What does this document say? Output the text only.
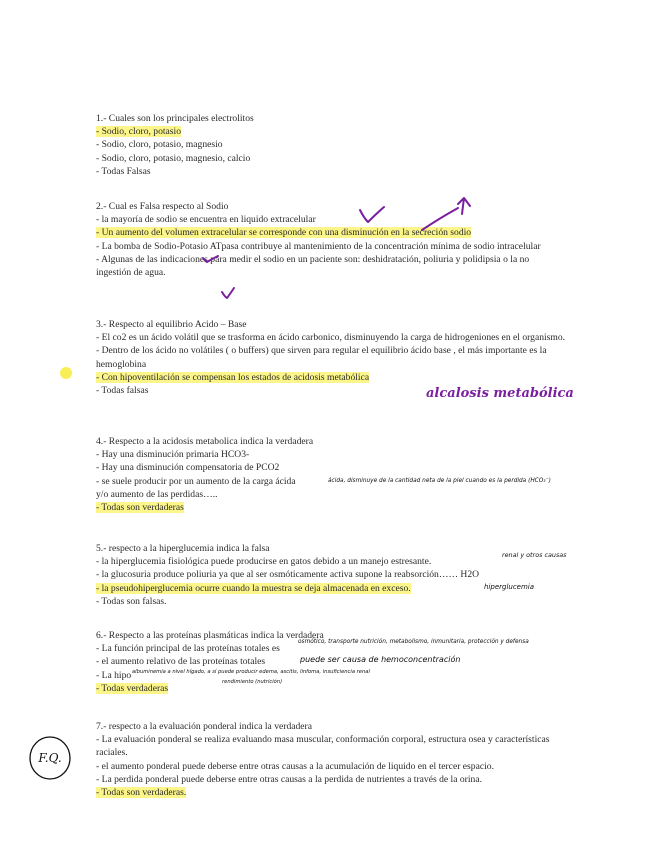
1.- Cuales son los principales electrolitos
- Sodio, cloro, potasio
- Sodio, cloro, potasio, magnesio
- Sodio, cloro, potasio, magnesio, calcio
- Todas Falsas
2.- Cual es Falsa respecto al Sodio
- la mayoría de sodio se encuentra en liquido extracelular
- Un aumento del volumen extracelular se corresponde con una disminución en la secreción sodio
- La bomba de Sodio-Potasio ATpasa contribuye al mantenimiento de la concentración mínima de sodio intracelular
- Algunas de las indicaciones para medir el sodio en un paciente son: deshidratación, poliuria y polidipsia o la no ingestión de agua.
3.- Respecto al equilibrio Acido – Base
- El co2 es un ácido volátil que se trasforma en ácido carbonico, disminuyendo la carga de hidrogeniones en el organismo.
- Dentro de los ácido no volátiles ( o buffers) que sirven para regular el equilibrio ácido base , el más importante es la hemoglobina
- Con hipoventilación se compensan los estados de acidosis metabólica
- Todas falsas	alcalosis metabólica
4.- Respecto a la acidosis metabolica indica la verdadera
- Hay una disminución primaria HCO3-
- Hay una disminución compensatoria de PCO2
- se suele producir por un aumento de la carga ácida
y/o aumento de las perdidas…..
- Todas son verdaderas
ácida, disminuye de la cantidad neta de la piel cuando es la perdida (HCO₃⁻)
5.- respecto a la hiperglucemia indica la falsa
- la hiperglucemia fisiológica puede producirse en gatos debido a un manejo estresante.
- la glucosuria produce poliuria ya que al ser osmóticamente activa supone la reabsorción…… H2O
- la pseudohiperglucemia ocurre cuando la muestra se deja almacenada en exceso.
- Todas son falsas.
renal y otros causas
hiperglucemia
6.- Respecto a las proteínas plasmáticas indica la verdadera
- La función principal de las proteínas totales es
- el aumento relativo de las proteínas totales
- La hipo
- Todas verdaderas
osmótico, transporte nutrición, metabolismo, inmunitaria, protección y defensa
puede ser causa de hemoconcentración
albuminemia a nivel hígado, a sí puede producir edema, ascitis, linfoma, insuficiencia renal
rendimiento (nutrición)
7.- respecto a la evaluación ponderal indica la verdadera
- La evaluación ponderal se realiza evaluando masa muscular, conformación corporal, estructura osea y características raciales.
- el aumento ponderal puede deberse entre otras causas a la acumulación de liquido en el tercer espacio.
- La perdida ponderal puede deberse entre otras causas a la perdida de nutrientes a través de la orina.
- Todas son verdaderas.
F.Q.
